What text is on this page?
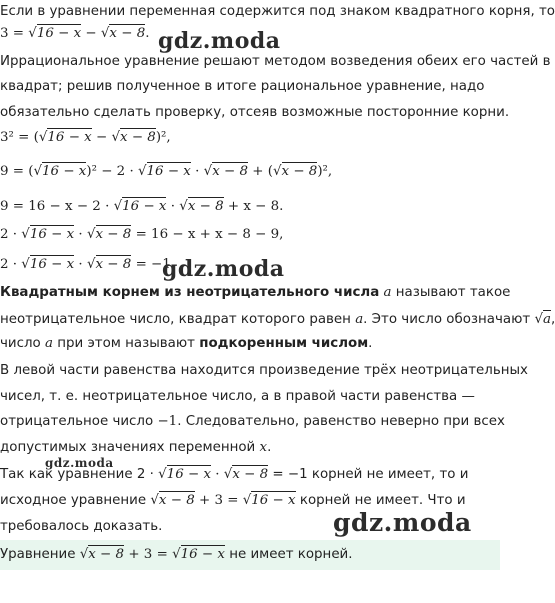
Если в уравнении переменная содержится под знаком квадратного корня, то
3 = √16 − x − √x − 8.
Иррациональное уравнение решают методом возведения обеих его частей в
квадрат; решив полученное в итоге рациональное уравнение, надо
обязательно сделать проверку, отсеяв возможные посторонние корни.
3² = (√16 − x − √x − 8)²,
9 = (√16 − x)² − 2 · √16 − x · √x − 8 + (√x − 8)²,
9 = 16 − x − 2 · √16 − x · √x − 8 + x − 8.
2 · √16 − x · √x − 8 = 16 − x + x − 8 − 9,
2 · √16 − x · √x − 8 = −1.
Квадратным корнем из неотрицательного числа a называют такое
неотрицательное число, квадрат которого равен a. Это число обозначают √a,
число a при этом называют подкоренным числом.
В левой части равенства находится произведение трёх неотрицательных
чисел, т. е. неотрицательное число, а в правой части равенства —
отрицательное число −1. Следовательно, равенство неверно при всех
допустимых значениях переменной x.
Так как уравнение 2 · √16 − x · √x − 8 = −1 корней не имеет, то и
исходное уравнение √x − 8 + 3 = √16 − x корней не имеет. Что и
требовалось доказать.
Уравнение √x − 8 + 3 = √16 − x не имеет корней.
gdz.moda
gdz.moda
gdz.moda
gdz.moda
